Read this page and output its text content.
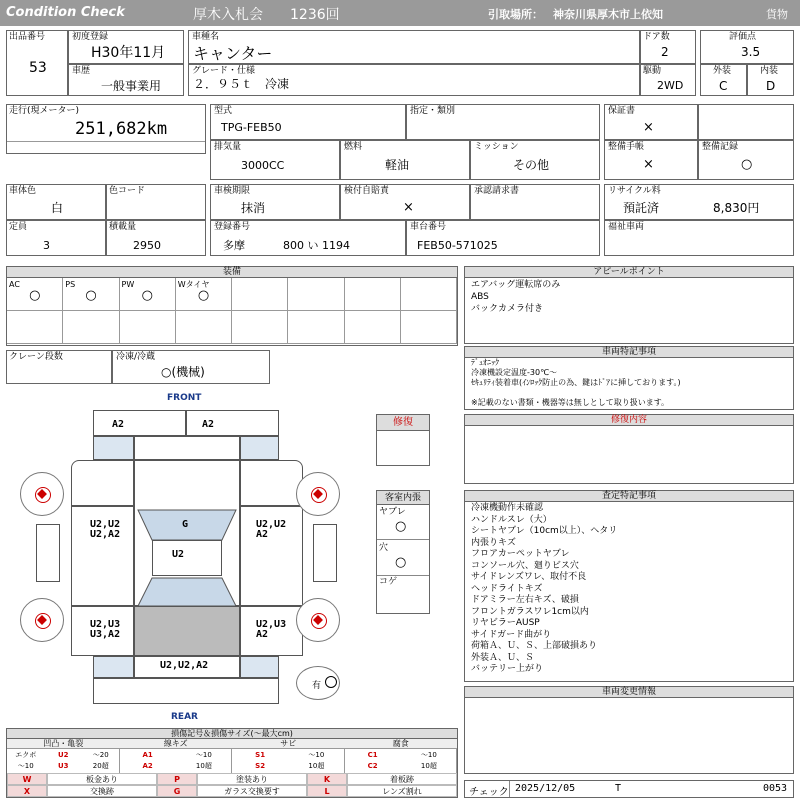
Condition Check	厚木入札会 1236回	引取場所： 神奈川県厚木市上依知	貨物
出品番号
53
初度登録
H30年11月
車種名
キャンター
ドア数
2
評価点
3.5
車歴
一般事業用
グレード・仕様
２．９５ｔ　冷凍
駆動
2WD
外装
C
内装
D
走行(現メーター)
251,682km
型式
TPG-FEB50
指定・類別	保証書
×
排気量
3000CC
燃料
軽油
ミッション
その他
整備手帳
×
整備記録
○
車体色
白
色コード	車検期限
抹消
検付自賠責
×
承認請求書	リサイクル料
預託済	8,830円
定員
3
積載量
2950
登録番号
多摩	800 い 1194
車台番号
FEB50-571025
福祉車両
装備
AC
○
PS
○
PW
○
Wタイヤ
○
クレーン段数	冷凍/冷蔵
○(機械)
アピールポイント
エアバッグ運転席のみ
ABS
バックカメラ付き
車両特記事項
ﾃﾞｭｵﾆｯｸ
冷凍機設定温度-30℃～
ｾｷｭﾘﾃｨ装着車(ｲﾝﾛｯｸ防止の為、鍵はﾄﾞｱに挿しております。)
※記載のない書類・機器等は無しとして取り扱います。
修復内容
査定特記事項
冷凍機動作未確認
ハンドルスレ（大）
シートヤブレ（10cm以上）、ヘタリ
内張りキズ
フロアカーペットヤブレ
コンソール穴、廻りビス穴
サイドレンズワレ、取付不良
ヘッドライトキズ
ドアミラー左右キズ、破損
フロントガラスワレ1cm以内
リヤビラーAUSP
サイドガード曲がり
荷箱Ａ、Ｕ、Ｓ、上部破損あり
外装Ａ、Ｕ、Ｓ
バッテリー上がり
車両変更情報
FRONT
REAR
有
A2	A2
U2,U2
U2,A2
U2,U2
A2
G
U2
U2,U3
U3,A2
U2,U3
A2
U2,U2,A2
修復
客室内張
ヤブレ
○
穴
○
コゲ
損傷記号＆損傷サイズ(〜最大cm)
凹凸・亀裂
エクボ	U2	〜20
〜10	U3	20超
線キズ
A1	〜10
A2	10超
サビ
S1	〜10
S2	10超
腐食
C1	〜10
C2	10超
W	板金あり	P	塗装あり	K	着板跡
X	交換跡	G	ガラス交換要す	L	レンズ割れ	チェック 2025/12/05	T	0053
